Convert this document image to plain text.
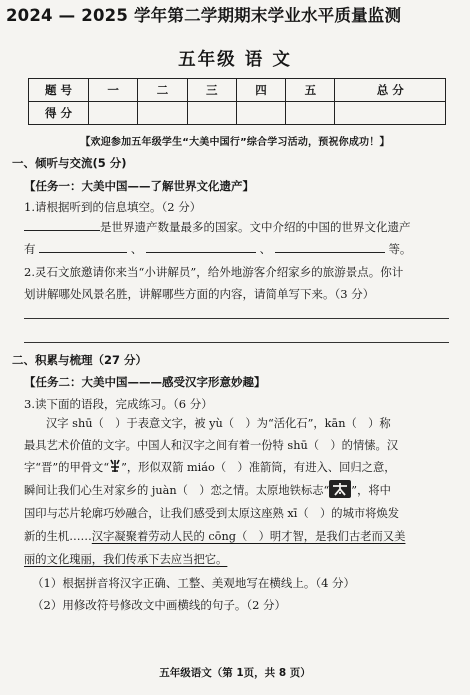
2024 — 2025 学年第二学期期末学业水平质量监测
五年级 语 文
题 号	一	二	三	四	五	总 分
得 分						
【欢迎参加五年级学生“大美中国行”综合学习活动，预祝你成功！】
一、倾听与交流(5 分)
【任务一：大美中国——了解世界文化遗产】
1.请根据听到的信息填空。（2 分）
是世界遗产数量最多的国家。文中介绍的中国的世界文化遗产
有	、	、	等。
2.灵石文旅邀请你来当“小讲解员”，给外地游客介绍家乡的旅游景点。你计
划讲解哪处风景名胜，讲解哪些方面的内容，请简单写下来。（3 分）
二、积累与梳理（27 分）
【任务二：大美中国———感受汉字形意妙趣】
3.读下面的语段，完成练习。（6 分）
汉字 shū（　）于表意文字，被 yù（　）为“活化石”，kān（　）称
最具艺术价值的文字。中国人和汉字之间有着一份特 shū（　）的情愫。汉
字“晋”的甲骨文“ ”，形似双箭 miáo（　）准箭筒，有进入、回归之意，
瞬间让我们心生对家乡的 juàn（　）恋之情。太原地铁标志“ ”，将中
国印与芯片轮廓巧妙融合，让我们感受到太原这座熟 xī（　）的城市将焕发
新的生机……汉字凝聚着劳动人民的 cōng（　）明才智，是我们古老而又美
丽的文化瑰丽，我们传承下去应当把它。
（1）根据拼音将汉字正确、工整、美观地写在横线上。（4 分）
（2）用修改符号修改文中画横线的句子。（2 分）
五年级语文（第 1页，共 8 页）
